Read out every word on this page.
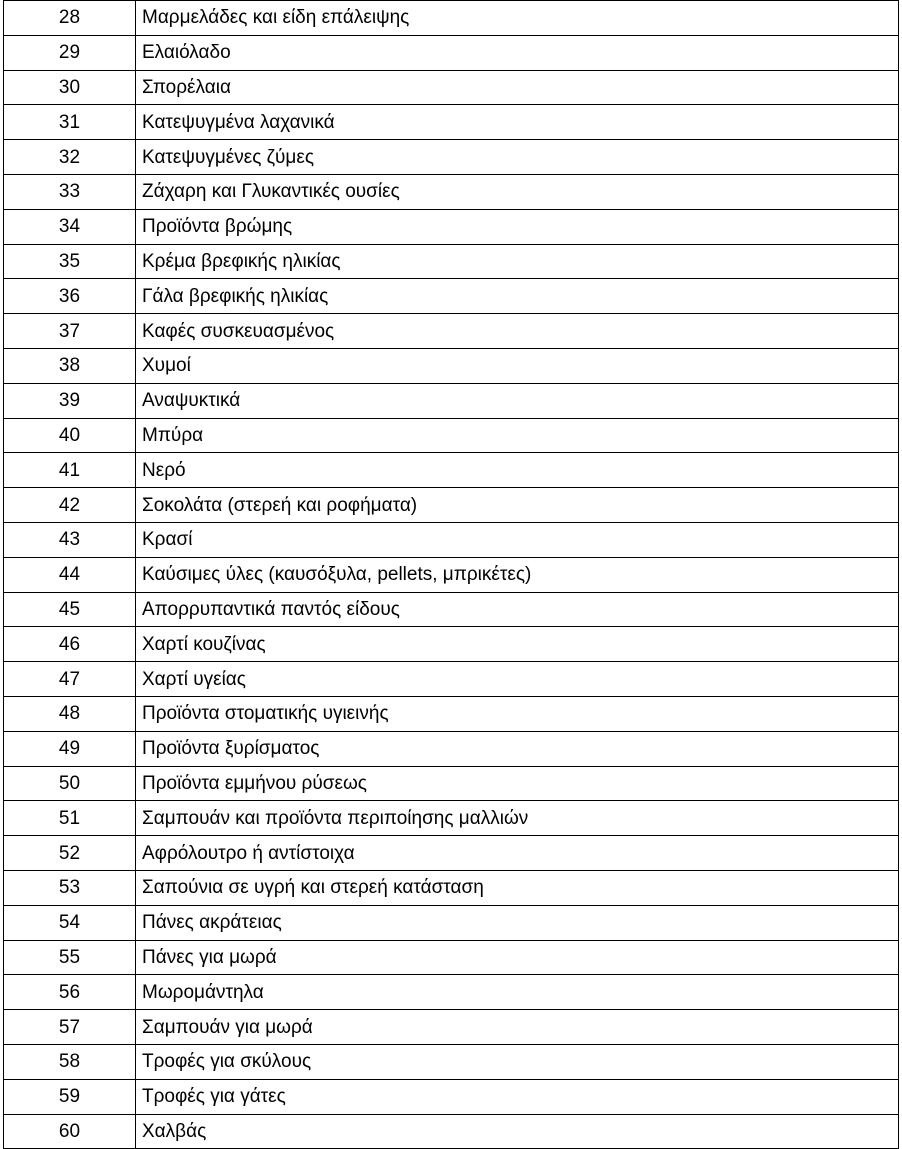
28	Μαρμελάδες και είδη επάλειψης
29	Ελαιόλαδο
30	Σπορέλαια
31	Κατεψυγμένα λαχανικά
32	Κατεψυγμένες ζύμες
33	Ζάχαρη και Γλυκαντικές ουσίες
34	Προϊόντα βρώμης
35	Κρέμα βρεφικής ηλικίας
36	Γάλα βρεφικής ηλικίας
37	Καφές συσκευασμένος
38	Χυμοί
39	Αναψυκτικά
40	Μπύρα
41	Νερό
42	Σοκολάτα (στερεή και ροφήματα)
43	Κρασί
44	Καύσιμες ύλες (καυσόξυλα, pellets, μπρικέτες)
45	Απορρυπαντικά παντός είδους
46	Χαρτί κουζίνας
47	Χαρτί υγείας
48	Προϊόντα στοματικής υγιεινής
49	Προϊόντα ξυρίσματος
50	Προϊόντα εμμήνου ρύσεως
51	Σαμπουάν και προϊόντα περιποίησης μαλλιών
52	Αφρόλουτρο ή αντίστοιχα
53	Σαπούνια σε υγρή και στερεή κατάσταση
54	Πάνες ακράτειας
55	Πάνες για μωρά
56	Μωρομάντηλα
57	Σαμπουάν για μωρά
58	Τροφές για σκύλους
59	Τροφές για γάτες
60	Χαλβάς
